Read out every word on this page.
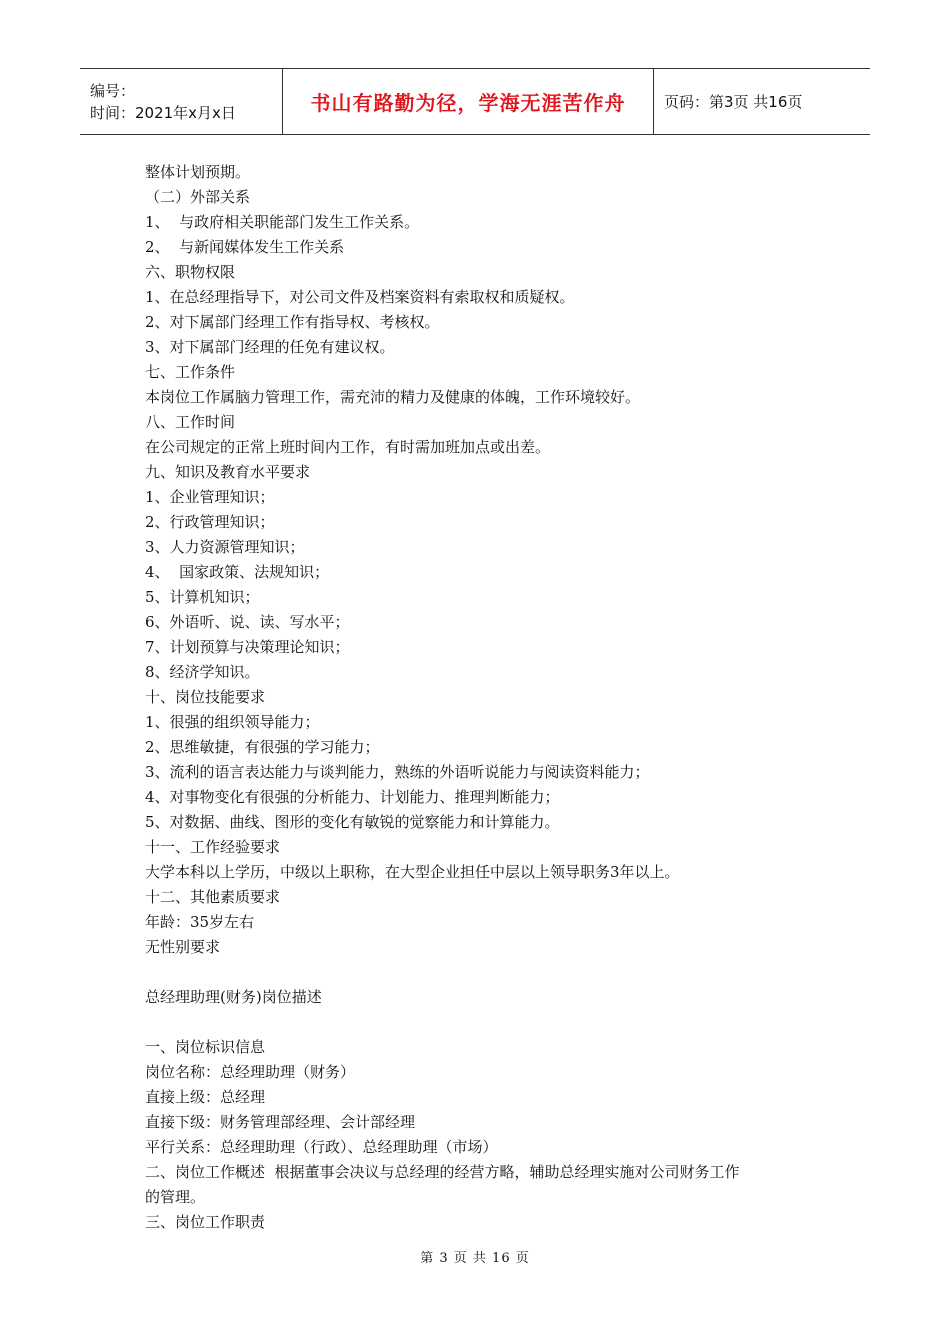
编号：
时间：2021年x月x日	书山有路勤为径，学海无涯苦作舟	页码：第3页 共16页
整体计划预期。
（二）外部关系
1、  与政府相关职能部门发生工作关系。
2、  与新闻媒体发生工作关系
六、职物权限
1、在总经理指导下，对公司文件及档案资料有索取权和质疑权。
2、对下属部门经理工作有指导权、考核权。
3、对下属部门经理的任免有建议权。
七、工作条件
本岗位工作属脑力管理工作，需充沛的精力及健康的体魄，工作环境较好。
八、工作时间
在公司规定的正常上班时间内工作，有时需加班加点或出差。
九、知识及教育水平要求
1、企业管理知识；
2、行政管理知识；
3、人力资源管理知识；
4、  国家政策、法规知识；
5、计算机知识；
6、外语听、说、读、写水平；
7、计划预算与决策理论知识；
8、经济学知识。
十、岗位技能要求
1、很强的组织领导能力；
2、思维敏捷，有很强的学习能力；
3、流利的语言表达能力与谈判能力，熟练的外语听说能力与阅读资料能力；
4、对事物变化有很强的分析能力、计划能力、推理判断能力；
5、对数据、曲线、图形的变化有敏锐的觉察能力和计算能力。
十一、工作经验要求
大学本科以上学历，中级以上职称，在大型企业担任中层以上领导职务3年以上。
十二、其他素质要求
年龄：35岁左右
无性别要求
总经理助理(财务)岗位描述
一、岗位标识信息
岗位名称：总经理助理（财务）
直接上级：总经理
直接下级：财务管理部经理、会计部经理
平行关系：总经理助理（行政）、总经理助理（市场）
二、岗位工作概述  根据董事会决议与总经理的经营方略，辅助总经理实施对公司财务工作
的管理。
三、岗位工作职责
第 3 页 共 16 页
